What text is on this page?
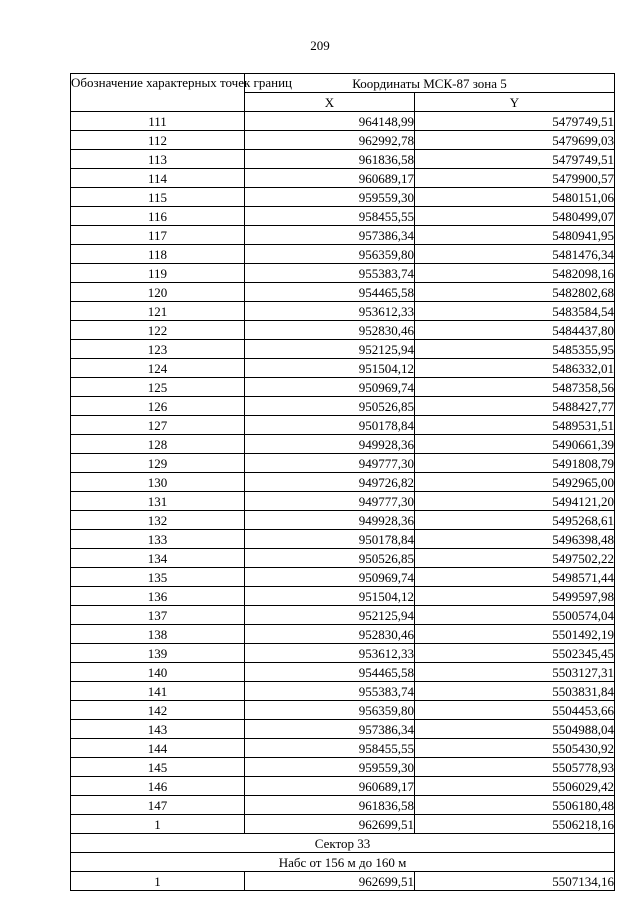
209
Обозначение характерных точек границ	Координаты МСК-87 зона 5	
	X	Y
111	964148,99	5479749,51
112	962992,78	5479699,03
113	961836,58	5479749,51
114	960689,17	5479900,57
115	959559,30	5480151,06
116	958455,55	5480499,07
117	957386,34	5480941,95
118	956359,80	5481476,34
119	955383,74	5482098,16
120	954465,58	5482802,68
121	953612,33	5483584,54
122	952830,46	5484437,80
123	952125,94	5485355,95
124	951504,12	5486332,01
125	950969,74	5487358,56
126	950526,85	5488427,77
127	950178,84	5489531,51
128	949928,36	5490661,39
129	949777,30	5491808,79
130	949726,82	5492965,00
131	949777,30	5494121,20
132	949928,36	5495268,61
133	950178,84	5496398,48
134	950526,85	5497502,22
135	950969,74	5498571,44
136	951504,12	5499597,98
137	952125,94	5500574,04
138	952830,46	5501492,19
139	953612,33	5502345,45
140	954465,58	5503127,31
141	955383,74	5503831,84
142	956359,80	5504453,66
143	957386,34	5504988,04
144	958455,55	5505430,92
145	959559,30	5505778,93
146	960689,17	5506029,42
147	961836,58	5506180,48
1	962699,51	5506218,16
Сектор 33		
Набс от 156 м до 160 м		
1	962699,51	5507134,16
